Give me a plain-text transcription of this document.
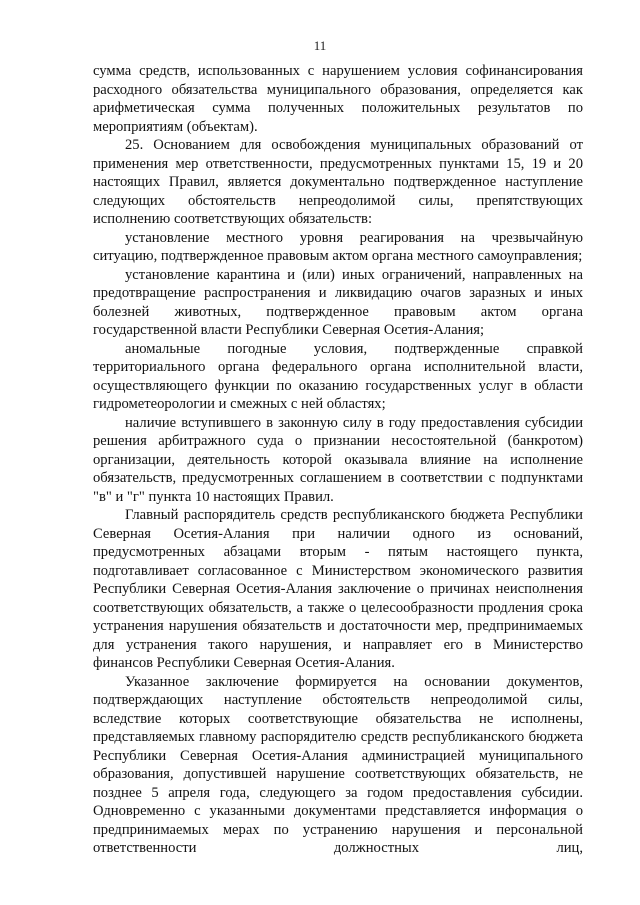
11

сумма средств, использованных с нарушением условия софинансирования расходного обязательства муниципального образования, определяется как арифметическая сумма полученных положительных результатов по мероприятиям (объектам).

25. Основанием для освобождения муниципальных образований от применения мер ответственности, предусмотренных пунктами 15, 19 и 20 настоящих Правил, является документально подтвержденное наступление следующих обстоятельств непреодолимой силы, препятствующих исполнению соответствующих обязательств:

установление местного уровня реагирования на чрезвычайную ситуацию, подтвержденное правовым актом органа местного самоуправления;

установление карантина и (или) иных ограничений, направленных на предотвращение распространения и ликвидацию очагов заразных и иных болезней животных, подтвержденное правовым актом органа государственной власти Республики Северная Осетия-Алания;

аномальные погодные условия, подтвержденные справкой территориального органа федерального органа исполнительной власти, осуществляющего функции по оказанию государственных услуг в области гидрометеорологии и смежных с ней областях;

наличие вступившего в законную силу в году предоставления субсидии решения арбитражного суда о признании несостоятельной (банкротом) организации, деятельность которой оказывала влияние на исполнение обязательств, предусмотренных соглашением в соответствии с подпунктами "в" и "г" пункта 10 настоящих Правил.

Главный распорядитель средств республиканского бюджета Республики Северная Осетия-Алания при наличии одного из оснований, предусмотренных абзацами вторым - пятым настоящего пункта, подготавливает согласованное с Министерством экономического развития Республики Северная Осетия-Алания заключение о причинах неисполнения соответствующих обязательств, а также о целесообразности продления срока устранения нарушения обязательств и достаточности мер, предпринимаемых для устранения такого нарушения, и направляет его в Министерство финансов Республики Северная Осетия-Алания.

Указанное заключение формируется на основании документов, подтверждающих наступление обстоятельств непреодолимой силы, вследствие которых соответствующие обязательства не исполнены, представляемых главному распорядителю средств республиканского бюджета Республики Северная Осетия-Алания администрацией муниципального образования, допустившей нарушение соответствующих обязательств, не позднее 5 апреля года, следующего за годом предоставления субсидии. Одновременно с указанными документами представляется информация о предпринимаемых мерах по устранению нарушения и персональной ответственности должностных лиц,
